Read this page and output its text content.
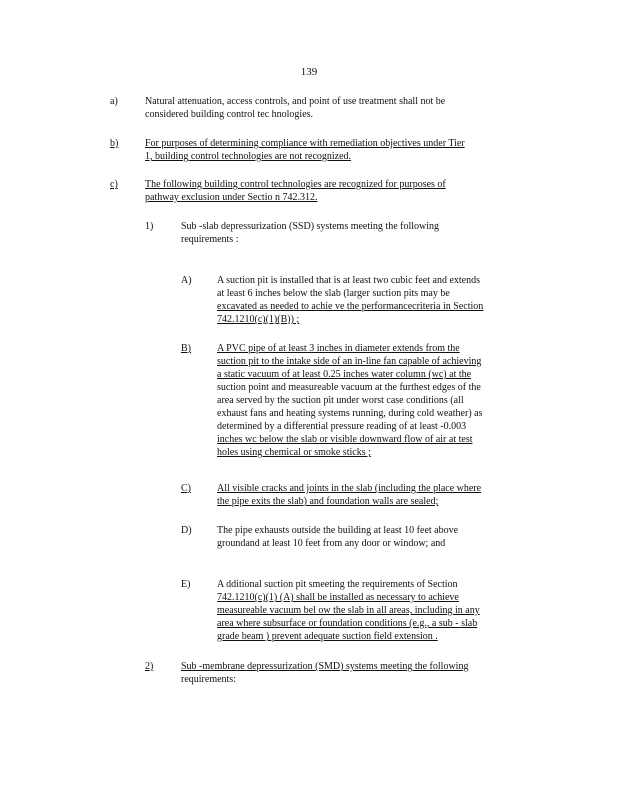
139
a)	Natural attenuation, access controls, and point of use treatment shall not be
considered building control tec hnologies.
b)	For purposes of determining compliance with remediation objectives under Tier
1, building control technologies are not recognized.
c)	The following building control technologies are recognized for purposes of
pathway exclusion under Sectio n 742.312.
1)	Sub -slab depressurization (SSD) systems meeting the following
requirements :
A)	A suction pit is installed that is at least two cubic feet and extends
at least 6 inches below the slab (larger suction pits may be
excavated as needed to achie ve the performancecriteria in Section
742.1210(c)(1)(B)) ;
B)	A PVC pipe of at least 3 inches in diameter extends from the
suction pit to the intake side of an in-line fan capable of achieving
a static vacuum of at least 0.25 inches water column (wc) at the
suction point and measureable vacuum at the furthest edges of the
area served by the suction pit under worst case conditions (all
exhaust fans and heating systems running, during cold weather) as
determined by a differential pressure reading of at least -0.003
inches wc below the slab or visible downward flow of air at test
holes using chemical or smoke sticks ;
C)	All visible cracks and joints in the slab (including the place where
the pipe exits the slab) and foundation walls are sealed;
D)	The pipe exhausts outside the building at least 10 feet above
groundand at least 10 feet from any door or window; and
E)	A dditional suction pit smeeting the requirements of Section
742.1210(c)(1) (A) shall be installed as necessary to achieve
measureable vacuum bel ow the slab in all areas, including in any
area where subsurface or foundation conditions (e.g., a sub - slab
grade beam ) prevent adequate suction field extension .
2)	Sub -membrane depressurization (SMD) systems meeting the following
requirements:
